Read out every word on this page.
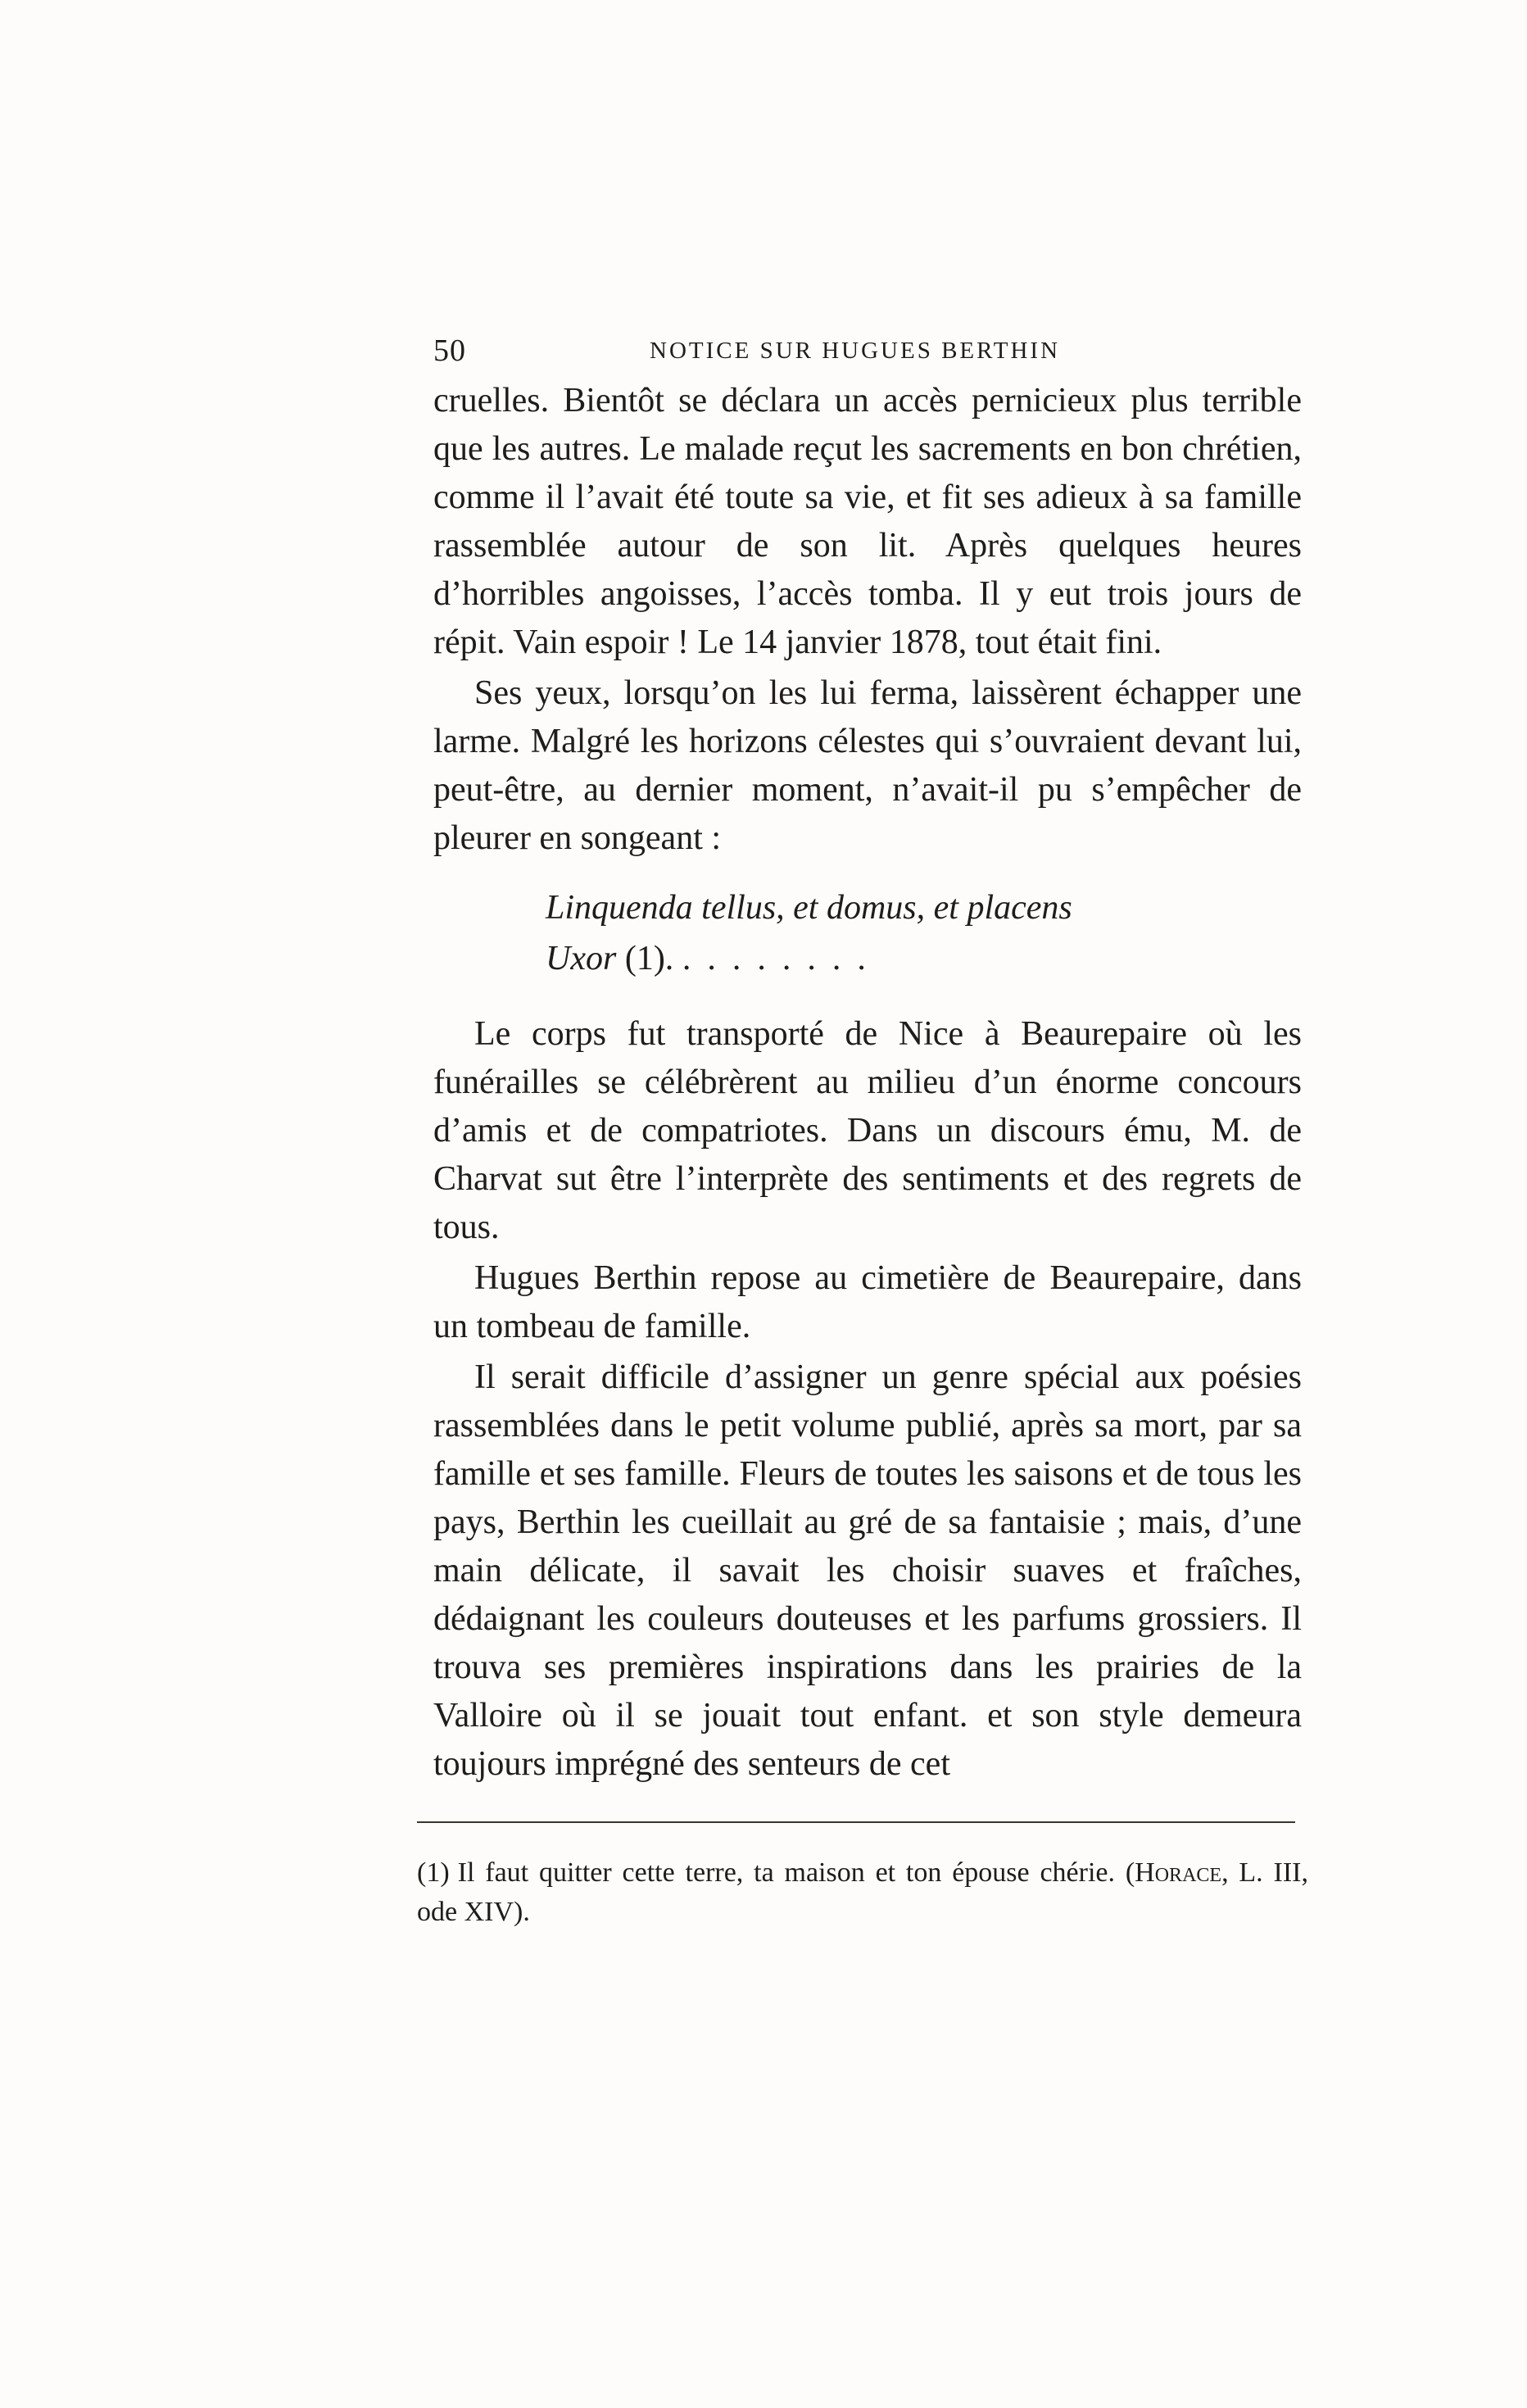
50	NOTICE SUR HUGUES BERTHIN

cruelles. Bientôt se déclara un accès pernicieux plus terrible que les autres. Le malade reçut les sacrements en bon chrétien, comme il l’avait été toute sa vie, et fit ses adieux à sa famille rassemblée autour de son lit. Après quelques heures d’horribles angoisses, l’accès tomba. Il y eut trois jours de répit. Vain espoir ! Le 14 janvier 1878, tout était fini.

Ses yeux, lorsqu’on les lui ferma, laissèrent échapper une larme. Malgré les horizons célestes qui s’ouvraient devant lui, peut-être, au dernier moment, n’avait-il pu s’empêcher de pleurer en songeant :

Linquenda tellus, et domus, et placens
Uxor (1). ........

Le corps fut transporté de Nice à Beaurepaire où les funérailles se célébrèrent au milieu d’un énorme concours d’amis et de compatriotes. Dans un discours ému, M. de Charvat sut être l’interprète des sentiments et des regrets de tous.

Hugues Berthin repose au cimetière de Beaurepaire, dans un tombeau de famille.

Il serait difficile d’assigner un genre spécial aux poésies rassemblées dans le petit volume publié, après sa mort, par sa famille et ses famille. Fleurs de toutes les saisons et de tous les pays, Berthin les cueillait au gré de sa fantaisie ; mais, d’une main délicate, il savait les choisir suaves et fraîches, dédaignant les couleurs douteuses et les parfums grossiers. Il trouva ses premières inspirations dans les prairies de la Valloire où il se jouait tout enfant. et son style demeura toujours imprégné des senteurs de cet

(1) Il faut quitter cette terre, ta maison et ton épouse chérie. (Horace, L. III, ode XIV).
